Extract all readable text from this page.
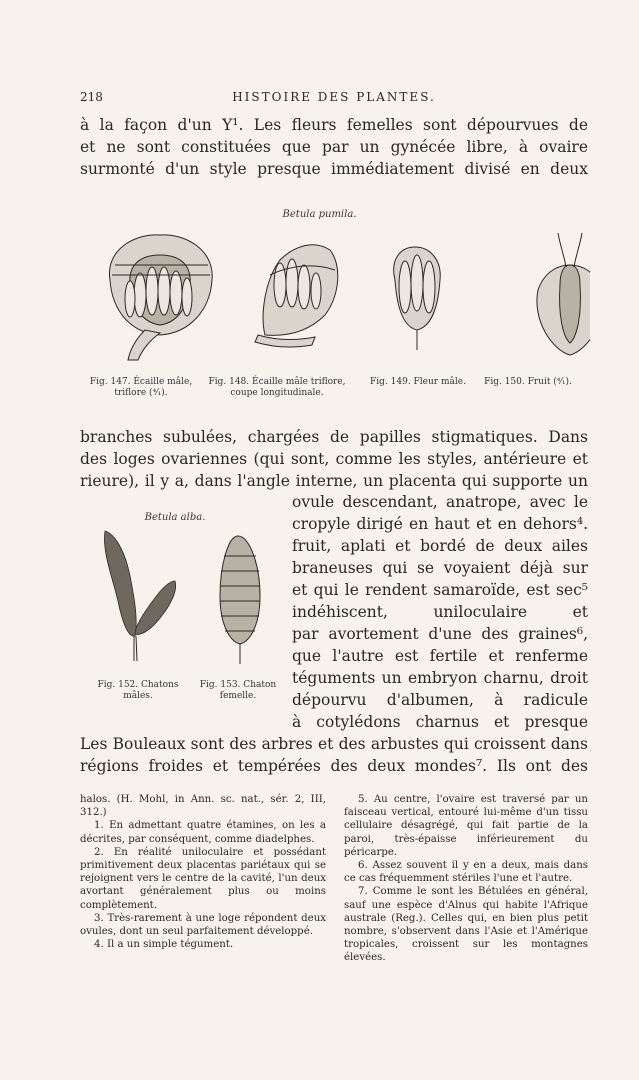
218	HISTOIRE DES PLANTES.
à la façon d'un Y¹. Les fleurs femelles sont dépourvues de
et ne sont constituées que par un gynécée libre, à ovaire
surmonté d'un style presque immédiatement divisé en deux
Betula pumila.
Fig. 147. Écaille mâle, triflore (⁴⁄₁).
Fig. 148. Écaille mâle triflore, coupe longitudinale.
Fig. 149. Fleur mâle.	Fig. 150. Fruit (⁴⁄₁).
branches subulées, chargées de papilles stigmatiques. Dans
des loges ovariennes (qui sont, comme les styles, antérieure et
rieure), il y a, dans l'angle interne, un placenta qui supporte un
Betula alba.
Fig. 152. Chatons mâles.
Fig. 153. Chaton femelle.
ovule descendant, anatrope, avec le
cropyle dirigé en haut et en dehors⁴.
fruit, aplati et bordé de deux ailes
braneuses qui se voyaient déjà sur
et qui le rendent samaroïde, est sec⁵
indéhiscent, uniloculaire et
par avortement d'une des graines⁶,
que l'autre est fertile et renferme
téguments un embryon charnu, droit
dépourvu d'albumen, à radicule
à cotylédons charnus et presque
Les Bouleaux sont des arbres et des arbustes qui croissent dans
régions froides et tempérées des deux mondes⁷. Ils ont des

halos. (H. Mohl, in Ann. sc. nat., sér. 2, III, 312.)

1. En admettant quatre étamines, on les a décrites, par conséquent, comme diadelphes.

2. En réalité uniloculaire et possédant primitivement deux placentas pariétaux qui se rejoignent vers le centre de la cavité, l'un deux avortant généralement plus ou moins complètement.

3. Très-rarement à une loge répondent deux ovules, dont un seul parfaitement développé.

4. Il a un simple tégument.

5. Au centre, l'ovaire est traversé par un faisceau vertical, entouré lui-même d'un tissu cellulaire désagrégé, qui fait partie de la paroi, très-épaisse inférieurement du péricarpe.

6. Assez souvent il y en a deux, mais dans ce cas fréquemment stériles l'une et l'autre.

7. Comme le sont les Bétulées en général, sauf une espèce d'Alnus qui habite l'Afrique australe (Reg.). Celles qui, en bien plus petit nombre, s'observent dans l'Asie et l'Amérique tropicales, croissent sur les montagnes élevées.
